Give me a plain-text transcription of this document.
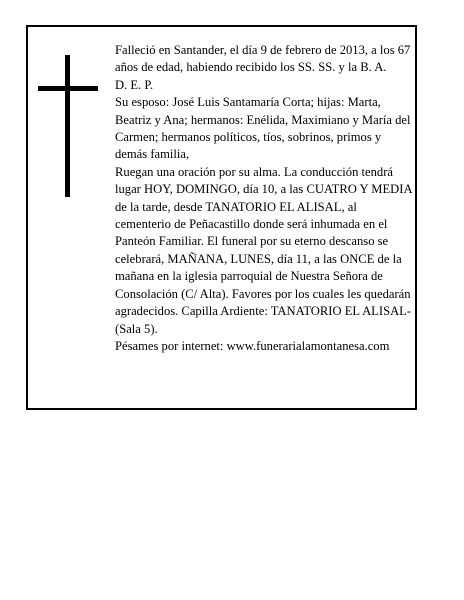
Falleció en Santander, el día 9 de febrero de 2013, a los 67 años de edad, habiendo recibido los SS. SS. y la B. A.

D. E. P.

Su esposo: José Luis Santamaría Corta; hijas: Marta, Beatriz y Ana; hermanos: Enélida, Maximiano y María del Carmen; hermanos políticos, tíos, sobrinos, primos y demás familia,

Ruegan una oración por su alma. La conducción tendrá lugar HOY, DOMINGO, día 10, a las CUATRO Y MEDIA de la tarde, desde TANATORIO EL ALISAL, al cementerio de Peñacastillo donde será inhumada en el Panteón Familiar. El funeral por su eterno descanso se celebrará, MAÑANA, LUNES, día 11, a las ONCE de la mañana en la iglesia parroquial de Nuestra Señora de Consolación (C/ Alta). Favores por los cuales les quedarán agradecidos. Capilla Ardiente: TANATORIO EL ALISAL-(Sala 5).

Pésames por internet: www.funerarialamontanesa.com
